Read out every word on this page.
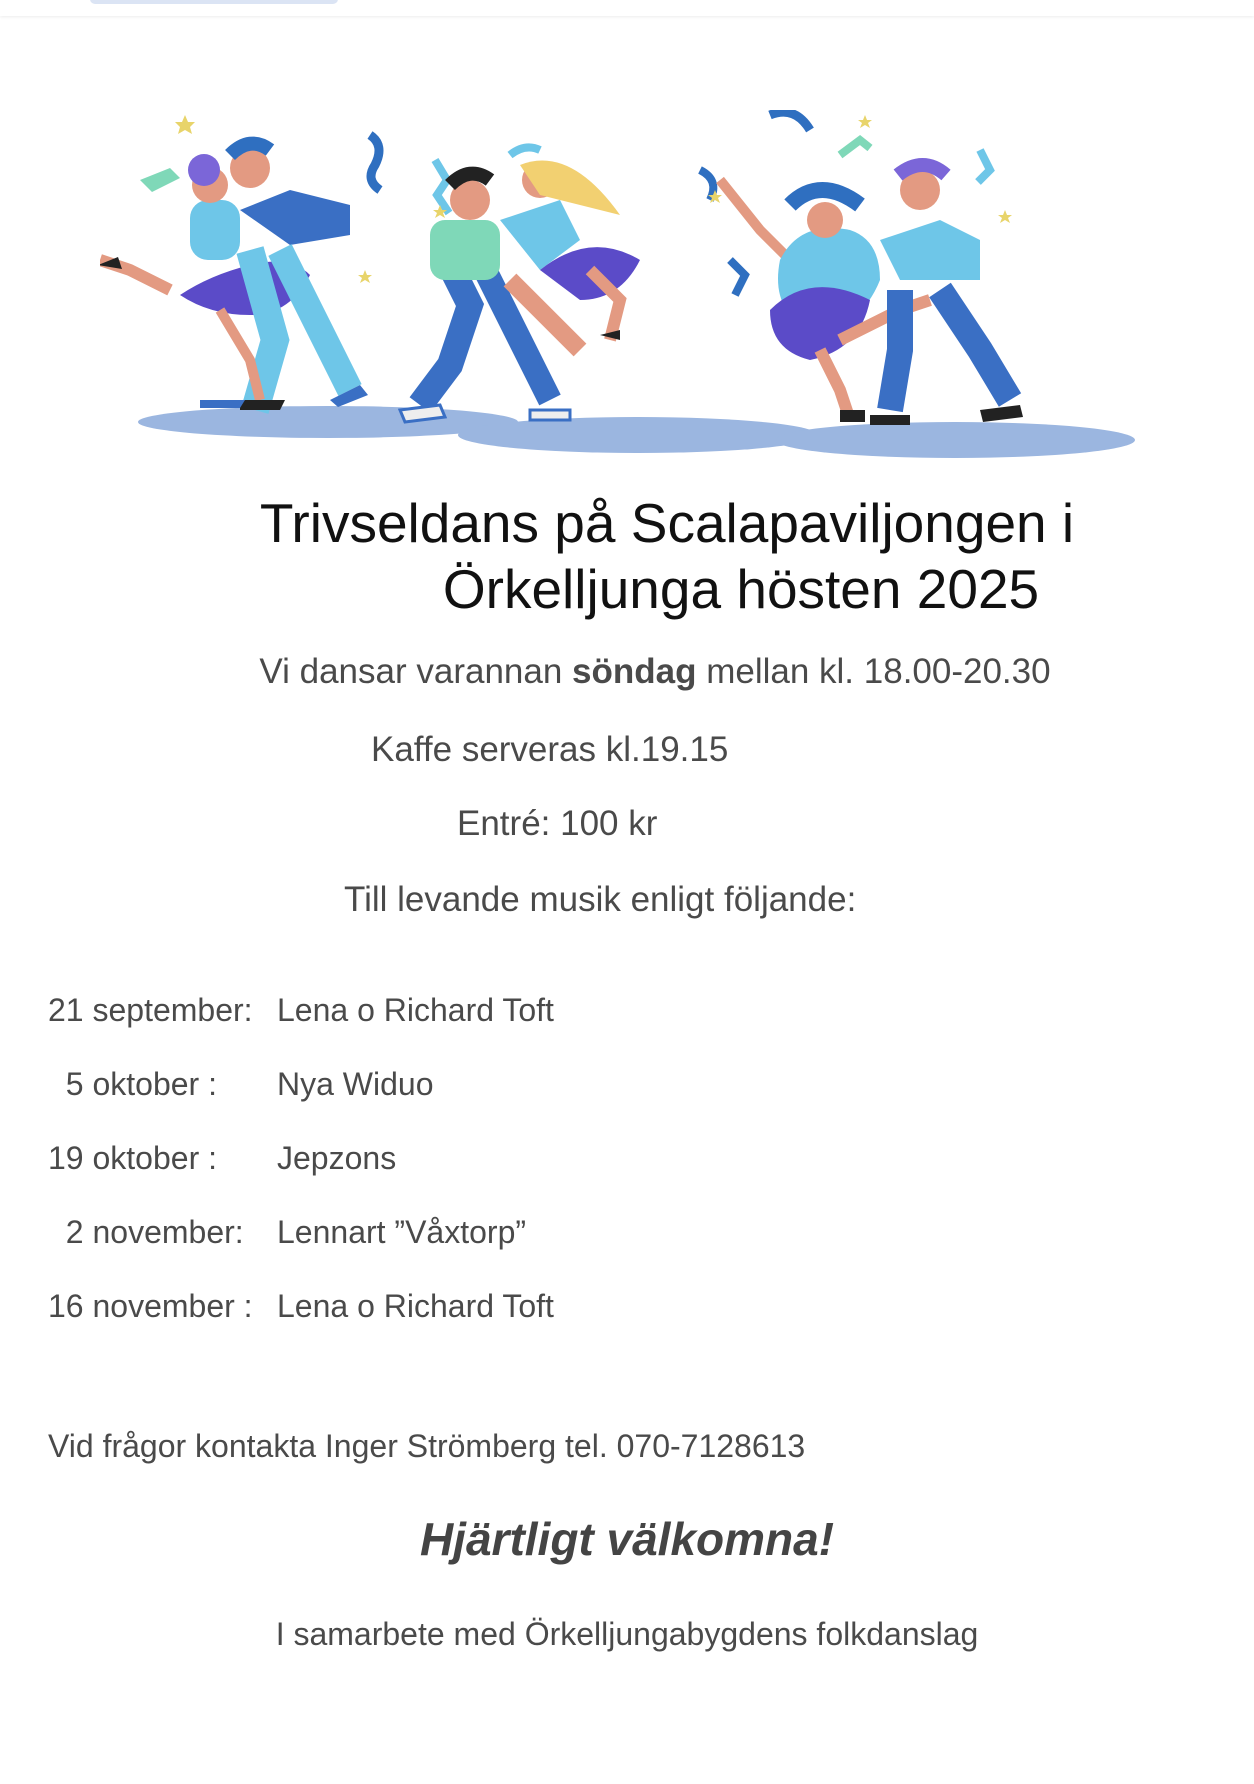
Trivseldans på Scalapaviljongen i
Örkelljunga hösten 2025
Vi dansar varannan söndag mellan kl. 18.00-20.30
Kaffe serveras kl.19.15
Entré: 100 kr
Till levande musik enligt följande:
21 september: Lena o Richard Toft
5 oktober : Nya Widuo
19 oktober : Jepzons
2 november: Lennart ”Våxtorp”
16 november : Lena o Richard Toft
Vid frågor kontakta Inger Strömberg tel. 070-7128613
Hjärtligt välkomna!
I samarbete med Örkelljungabygdens folkdanslag
